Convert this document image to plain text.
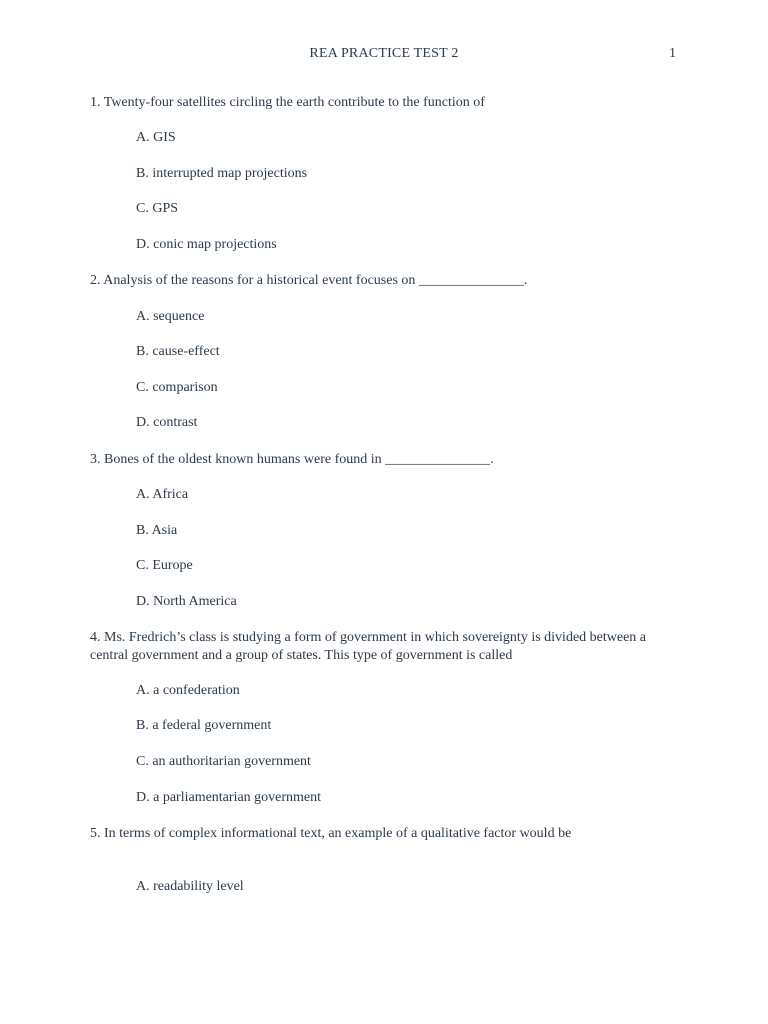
REA PRACTICE TEST 2	1
1. Twenty-four satellites circling the earth contribute to the function of
A. GIS
B. interrupted map projections
C. GPS
D. conic map projections
2. Analysis of the reasons for a historical event focuses on _______________.
A. sequence
B. cause-effect
C. comparison
D. contrast
3. Bones of the oldest known humans were found in _______________.
A. Africa
B. Asia
C. Europe
D. North America
4. Ms. Fredrich’s class is studying a form of government in which sovereignty is divided between a central government and a group of states. This type of government is called
A. a confederation
B. a federal government
C. an authoritarian government
D. a parliamentarian government
5. In terms of complex informational text, an example of a qualitative factor would be
A. readability level
